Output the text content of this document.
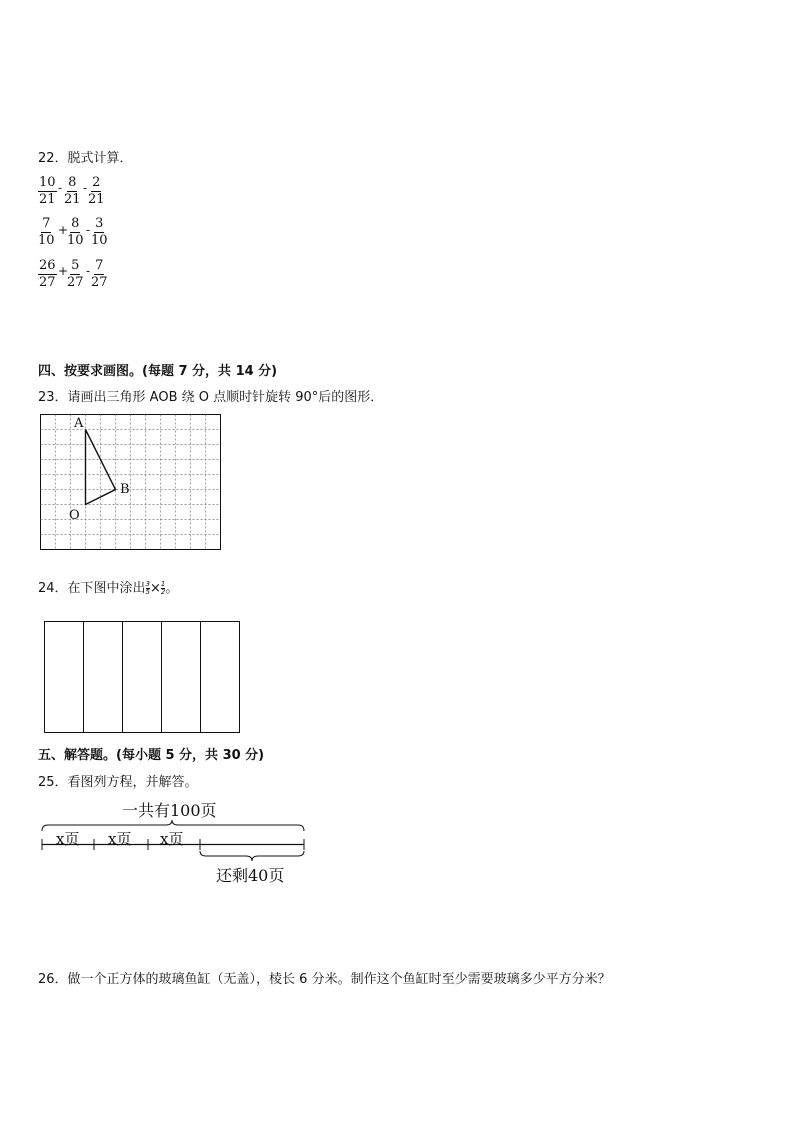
22．脱式计算．
$\frac{10}{21} - \frac{8}{21} - \frac{2}{21}$
$\frac{7}{10}$ +
$\frac{8}{10} - \frac{3}{10}$
$\frac{26}{27}$ +
$\frac{5}{27} - \frac{7}{27}$
四、按要求画图。(每题 7 分，共 14 分)
23．请画出三角形 AOB 绕 O 点顺时针旋转 90°后的图形．
A
B
O
24．在下图中涂出 $\frac{3}{5} \times \frac{1}{2}$ 。
五、解答题。(每小题 5 分，共 30 分)
25．看图列方程，并解答。
一共有100页
x页 x页 x页
还剩40页
26．做一个正方体的玻璃鱼缸（无盖），棱长 6 分米。制作这个鱼缸时至少需要玻璃多少平方分米？
